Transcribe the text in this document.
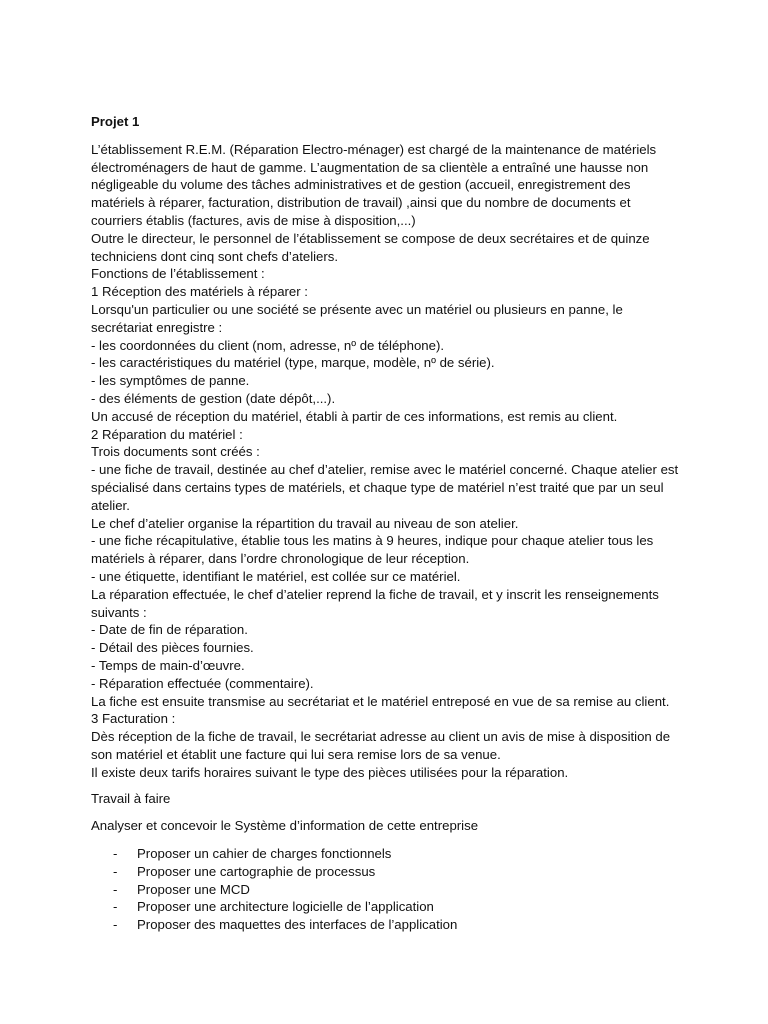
Projet 1

L’établissement R.E.M. (Réparation Electro-ménager) est chargé de la maintenance de matériels électroménagers de haut de gamme. L’augmentation de sa clientèle a entraîné une hausse non négligeable du volume des tâches administratives et de gestion (accueil, enregistrement des matériels à réparer, facturation, distribution de travail) ,ainsi que du nombre de documents et courriers établis (factures, avis de mise à disposition,...)

Outre le directeur, le personnel de l’établissement se compose de deux secrétaires et de quinze techniciens dont cinq sont chefs d’ateliers.

Fonctions de l’établissement :

1 Réception des matériels à réparer :

Lorsqu'un particulier ou une société se présente avec un matériel ou plusieurs en panne, le secrétariat enregistre :

- les coordonnées du client (nom, adresse, nº de téléphone).

- les caractéristiques du matériel (type, marque, modèle, nº de série).

- les symptômes de panne.

- des éléments de gestion (date dépôt,...).

Un accusé de réception du matériel, établi à partir de ces informations, est remis au client.

2 Réparation du matériel :

Trois documents sont créés :

- une fiche de travail, destinée au chef d’atelier, remise avec le matériel concerné. Chaque atelier est spécialisé dans certains types de matériels, et chaque type de matériel n’est traité que par un seul atelier.

Le chef d’atelier organise la répartition du travail au niveau de son atelier.

- une fiche récapitulative, établie tous les matins à 9 heures, indique pour chaque atelier tous les matériels à réparer, dans l’ordre chronologique de leur réception.

- une étiquette, identifiant le matériel, est collée sur ce matériel.

La réparation effectuée, le chef d’atelier reprend la fiche de travail, et y inscrit les renseignements suivants :

- Date de fin de réparation.

- Détail des pièces fournies.

- Temps de main-d’œuvre.

- Réparation effectuée (commentaire).

La fiche est ensuite transmise au secrétariat et le matériel entreposé en vue de sa remise au client.

3 Facturation :

Dès réception de la fiche de travail, le secrétariat adresse au client un avis de mise à disposition de son matériel et établit une facture qui lui sera remise lors de sa venue.

Il existe deux tarifs horaires suivant le type des pièces utilisées pour la réparation.

Travail à faire

Analyser et concevoir le Système d’information de cette entreprise

- Proposer un cahier de charges fonctionnels
- Proposer une cartographie de processus
- Proposer une MCD
- Proposer une architecture logicielle de l’application
- Proposer des maquettes des interfaces de l’application
